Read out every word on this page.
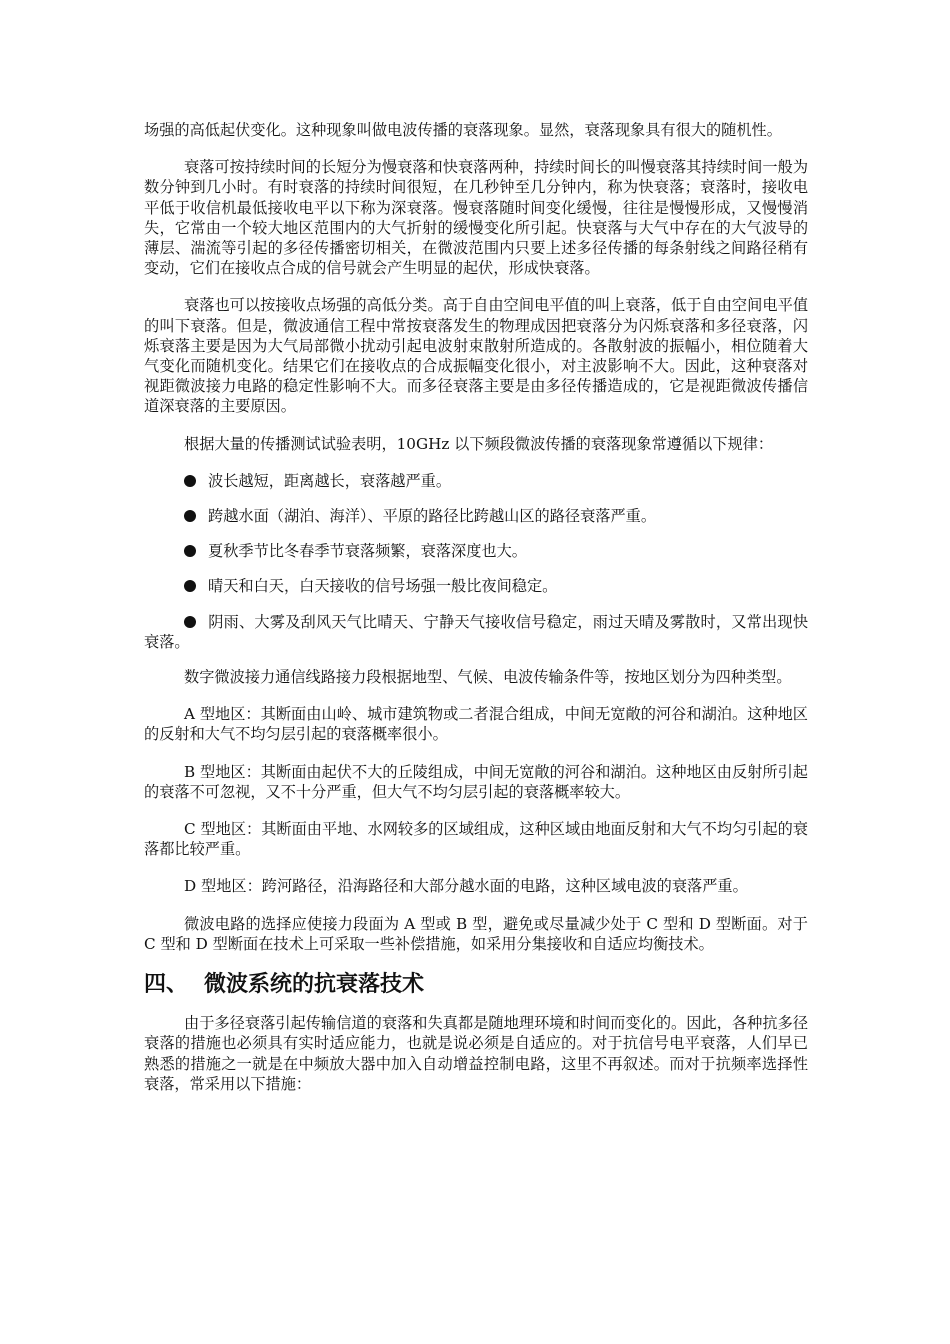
场强的高低起伏变化。这种现象叫做电波传播的衰落现象。显然，衰落现象具有很大的随机性。

衰落可按持续时间的长短分为慢衰落和快衰落两种，持续时间长的叫慢衰落其持续时间一般为数分钟到几小时。有时衰落的持续时间很短，在几秒钟至几分钟内，称为快衰落；衰落时，接收电平低于收信机最低接收电平以下称为深衰落。慢衰落随时间变化缓慢，往往是慢慢形成，又慢慢消失，它常由一个较大地区范围内的大气折射的缓慢变化所引起。快衰落与大气中存在的大气波导的薄层、湍流等引起的多径传播密切相关，在微波范围内只要上述多径传播的每条射线之间路径稍有变动，它们在接收点合成的信号就会产生明显的起伏，形成快衰落。

衰落也可以按接收点场强的高低分类。高于自由空间电平值的叫上衰落，低于自由空间电平值的叫下衰落。但是，微波通信工程中常按衰落发生的物理成因把衰落分为闪烁衰落和多径衰落，闪烁衰落主要是因为大气局部微小扰动引起电波射束散射所造成的。各散射波的振幅小，相位随着大气变化而随机变化。结果它们在接收点的合成振幅变化很小，对主波影响不大。因此，这种衰落对视距微波接力电路的稳定性影响不大。而多径衰落主要是由多径传播造成的，它是视距微波传播信道深衰落的主要原因。

根据大量的传播测试试验表明，10GHz 以下频段微波传播的衰落现象常遵循以下规律：

波长越短，距离越长，衰落越严重。

跨越水面（湖泊、海洋）、平原的路径比跨越山区的路径衰落严重。

夏秋季节比冬春季节衰落频繁，衰落深度也大。

晴天和白天，白天接收的信号场强一般比夜间稳定。

阴雨、大雾及刮风天气比晴天、宁静天气接收信号稳定，雨过天晴及雾散时，又常出现快衰落。

数字微波接力通信线路接力段根据地型、气候、电波传输条件等，按地区划分为四种类型。

A 型地区：其断面由山岭、城市建筑物或二者混合组成，中间无宽敞的河谷和湖泊。这种地区的反射和大气不均匀层引起的衰落概率很小。

B 型地区：其断面由起伏不大的丘陵组成，中间无宽敞的河谷和湖泊。这种地区由反射所引起的衰落不可忽视，又不十分严重，但大气不均匀层引起的衰落概率较大。

C 型地区：其断面由平地、水网较多的区域组成，这种区域由地面反射和大气不均匀引起的衰落都比较严重。

D 型地区：跨河路径，沿海路径和大部分越水面的电路，这种区域电波的衰落严重。

微波电路的选择应使接力段面为 A 型或 B 型，避免或尽量减少处于 C 型和 D 型断面。对于 C 型和 D 型断面在技术上可采取一些补偿措施，如采用分集接收和自适应均衡技术。

四、 微波系统的抗衰落技术

由于多径衰落引起传输信道的衰落和失真都是随地理环境和时间而变化的。因此，各种抗多径衰落的措施也必须具有实时适应能力，也就是说必须是自适应的。对于抗信号电平衰落，人们早已熟悉的措施之一就是在中频放大器中加入自动增益控制电路，这里不再叙述。而对于抗频率选择性衰落，常采用以下措施：
